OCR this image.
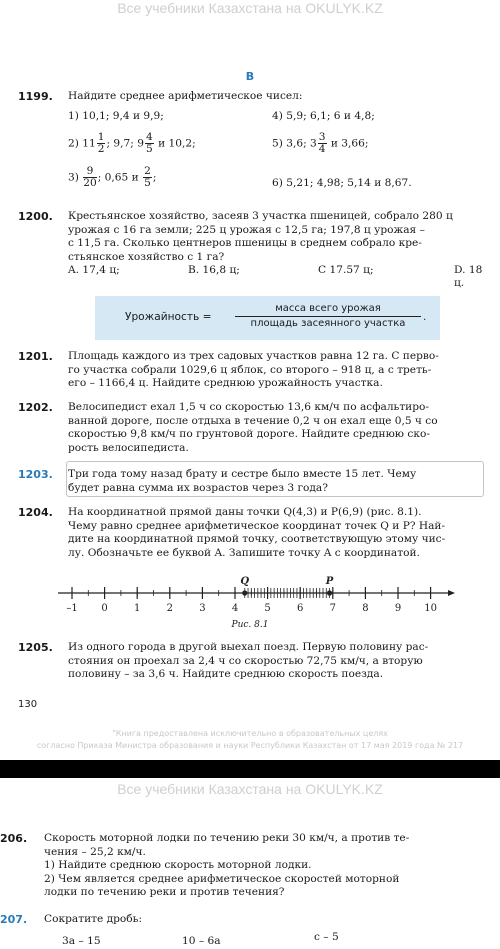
Все учебники Казахстана на OKULYK.KZ
В
1199. Найдите среднее арифметическое чисел:
1) 10,1; 9,4 и 9,9;	4) 5,9; 6,1; 6 и 4,8;
2) $11 \frac{1}{2}$ ; 9,7; $9 \frac{4}{5}$ и 10,2;	5) 3,6; $3 \frac{3}{4}$ и 3,66;
$3) \frac{9}{20}$ ; 0,65 и $\frac{2}{5}$ ;	6) 5,21; 4,98; 5,14 и 8,67.
1200. Крестьянское хозяйство, засеяв 3 участка пшеницей, собрало 280 ц
урожая с 16 га земли; 225 ц урожая с 12,5 га; 197,8 ц урожая –
с 11,5 га. Сколько центнеров пшеницы в среднем собрало кре-
стьянское хозяйство с 1 га?
A. 17,4 ц;	B. 16,8 ц;	C 17.57 ц;	D. 18 ц.
Урожайность =
масса всего урожая
площадь засеянного участка
.
1201. Площадь каждого из трех садовых участков равна 12 га. С перво-
го участка собрали 1029,6 ц яблок, со второго – 918 ц, а с треть-
его – 1166,4 ц. Найдите среднюю урожайность участка.
1202. Велосипедист ехал 1,5 ч со скоростью 13,6 км/ч по асфальтиро-
ванной дороге, после отдыха в течение 0,2 ч он ехал еще 0,5 ч со
скоростью 9,8 км/ч по грунтовой дороге. Найдите среднюю ско-
рость велосипедиста.
1203. Три года тому назад брату и сестре было вместе 15 лет. Чему
будет равна сумма их возрастов через 3 года?
1204. На координатной прямой даны точки Q(4,3) и P(6,9) (рис. 8.1).
Чему равно среднее арифметическое координат точек Q и P? Най-
дите на координатной прямой точку, соответствующую этому чис-
лу. Обозначьте ее буквой A. Запишите точку A с координатой.
–1 0	1	2	3	4	5	6	7	8	9 10
Q	P
Рис. 8.1
1205. Из одного города в другой выехал поезд. Первую половину рас-
стояния он проехал за 2,4 ч со скоростью 72,75 км/ч, а вторую
половину – за 3,6 ч. Найдите среднюю скорость поезда.
130
"Книга предоставлена исключительно в образовательных целях
согласно Приказа Министра образования и науки Республики Казахстан от 17 мая 2019 года № 217
Все учебники Казахстана на OKULYK.KZ
206. Скорость моторной лодки по течению реки 30 км/ч, а против те-
чения – 25,2 км/ч.
1) Найдите среднюю скорость моторной лодки.
2) Чем является среднее арифметическое скоростей моторной
лодки по течению реки и против течения?
207. Сократите дробь:
3a – 15	10 – 6a	c – 5
